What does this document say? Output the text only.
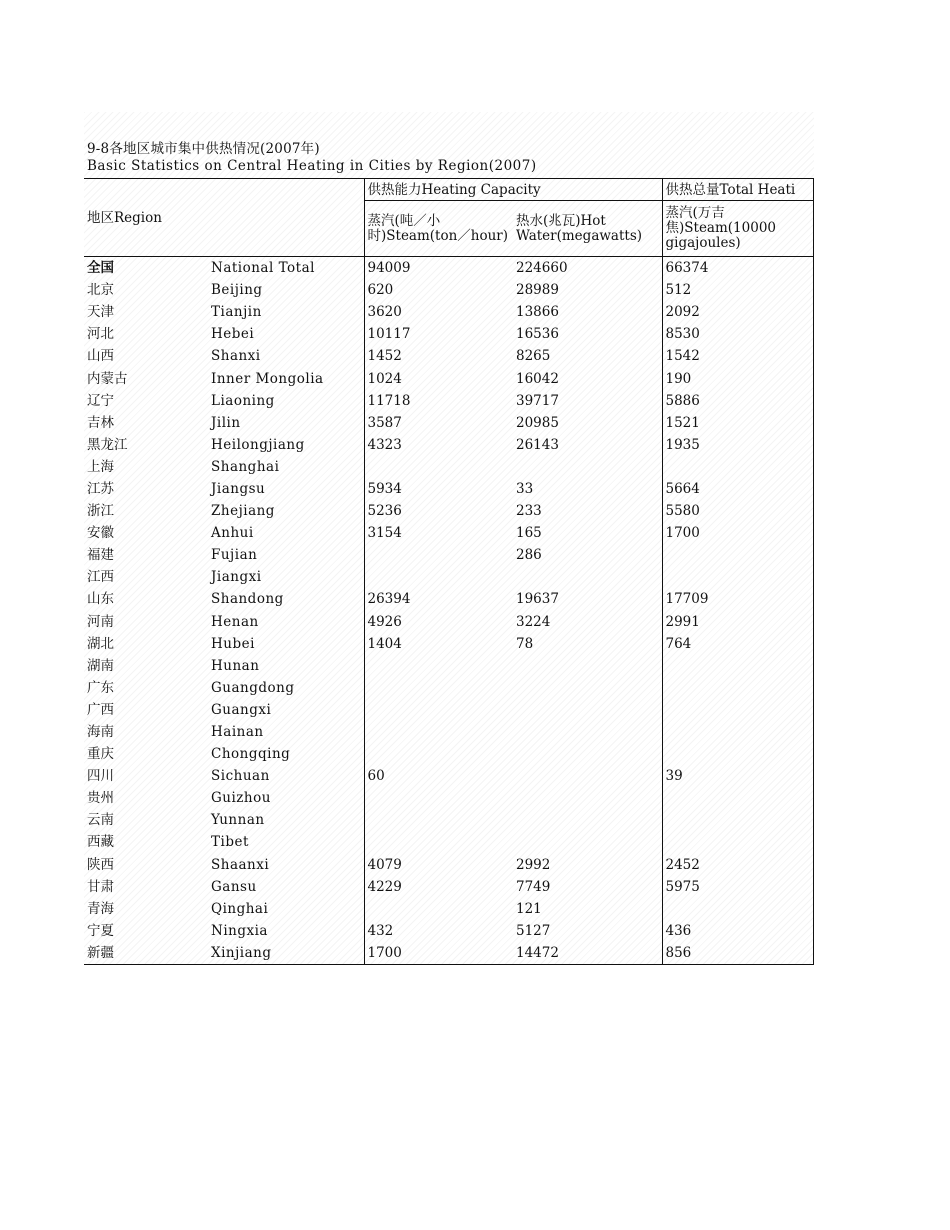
9-8各地区城市集中供热情况(2007年)
Basic Statistics on Central Heating in Cities by Region(2007)
地区Region		供热能力Heating Capacity		供热总量Total Heati
		蒸汽(吨／小时)Steam(ton／hour)	热水(兆瓦)Hot Water(megawatts)	蒸汽(万吉焦)Steam(10000 gigajoules)
全国	National Total	94009	224660	66374
北京	Beijing	620	28989	512
天津	Tianjin	3620	13866	2092
河北	Hebei	10117	16536	8530
山西	Shanxi	1452	8265	1542
内蒙古	Inner Mongolia	1024	16042	190
辽宁	Liaoning	11718	39717	5886
吉林	Jilin	3587	20985	1521
黑龙江	Heilongjiang	4323	26143	1935
上海	Shanghai			
江苏	Jiangsu	5934	33	5664
浙江	Zhejiang	5236	233	5580
安徽	Anhui	3154	165	1700
福建	Fujian		286	
江西	Jiangxi			
山东	Shandong	26394	19637	17709
河南	Henan	4926	3224	2991
湖北	Hubei	1404	78	764
湖南	Hunan			
广东	Guangdong			
广西	Guangxi			
海南	Hainan			
重庆	Chongqing			
四川	Sichuan	60		39
贵州	Guizhou			
云南	Yunnan			
西藏	Tibet			
陕西	Shaanxi	4079	2992	2452
甘肃	Gansu	4229	7749	5975
青海	Qinghai		121	
宁夏	Ningxia	432	5127	436
新疆	Xinjiang	1700	14472	856
